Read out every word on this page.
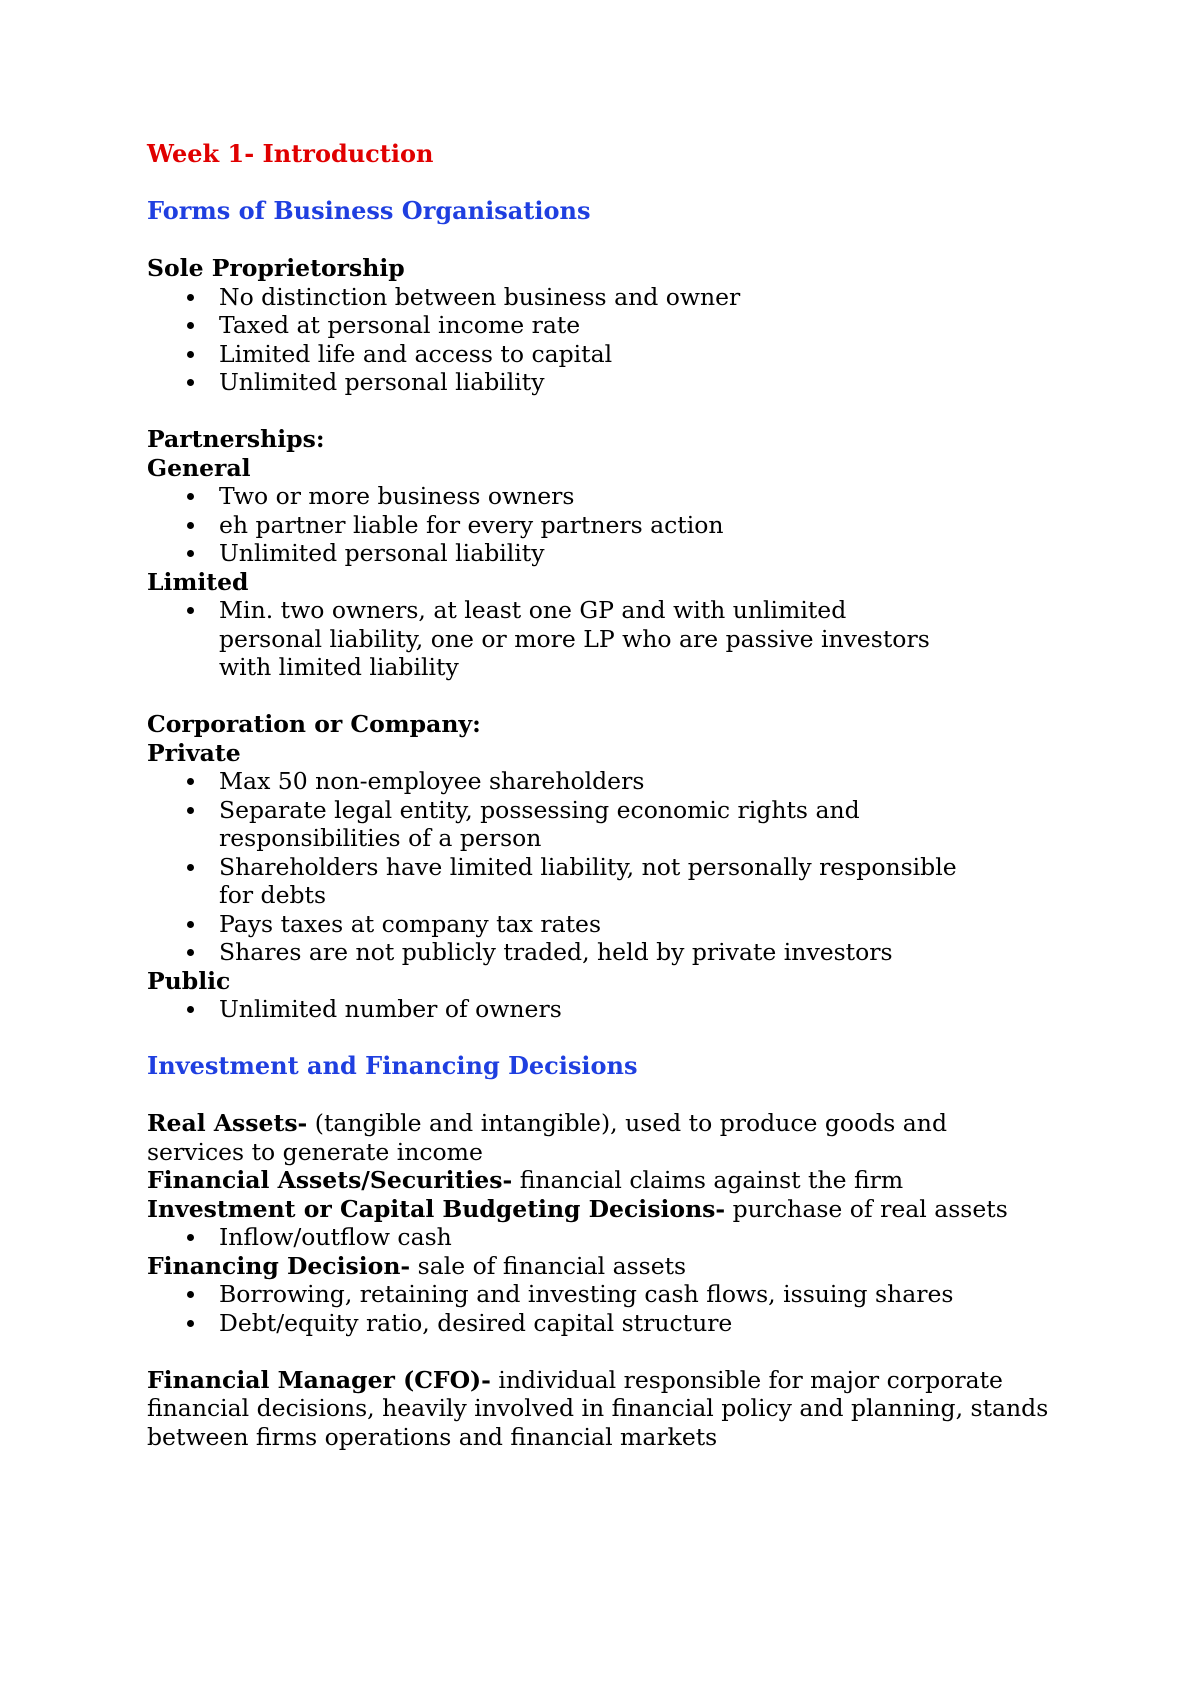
Week 1- Introduction

Forms of Business Organisations

Sole Proprietorship

No distinction between business and owner
Taxed at personal income rate
Limited life and access to capital
Unlimited personal liability

Partnerships:

General

Two or more business owners
eh partner liable for every partners action
Unlimited personal liability

Limited

Min. two owners, at least one GP and with unlimited personal liability, one or more LP who are passive investors with limited liability

Corporation or Company:

Private

Max 50 non-employee shareholders
Separate legal entity, possessing economic rights and responsibilities of a person
Shareholders have limited liability, not personally responsible for debts
Pays taxes at company tax rates
Shares are not publicly traded, held by private investors

Public

Unlimited number of owners

Investment and Financing Decisions

Real Assets- (tangible and intangible), used to produce goods and services to generate income

Financial Assets/Securities- financial claims against the firm

Investment or Capital Budgeting Decisions- purchase of real assets

Inflow/outflow cash

Financing Decision- sale of financial assets

Borrowing, retaining and investing cash flows, issuing shares
Debt/equity ratio, desired capital structure

Financial Manager (CFO)- individual responsible for major corporate financial decisions, heavily involved in financial policy and planning, stands between firms operations and financial markets
